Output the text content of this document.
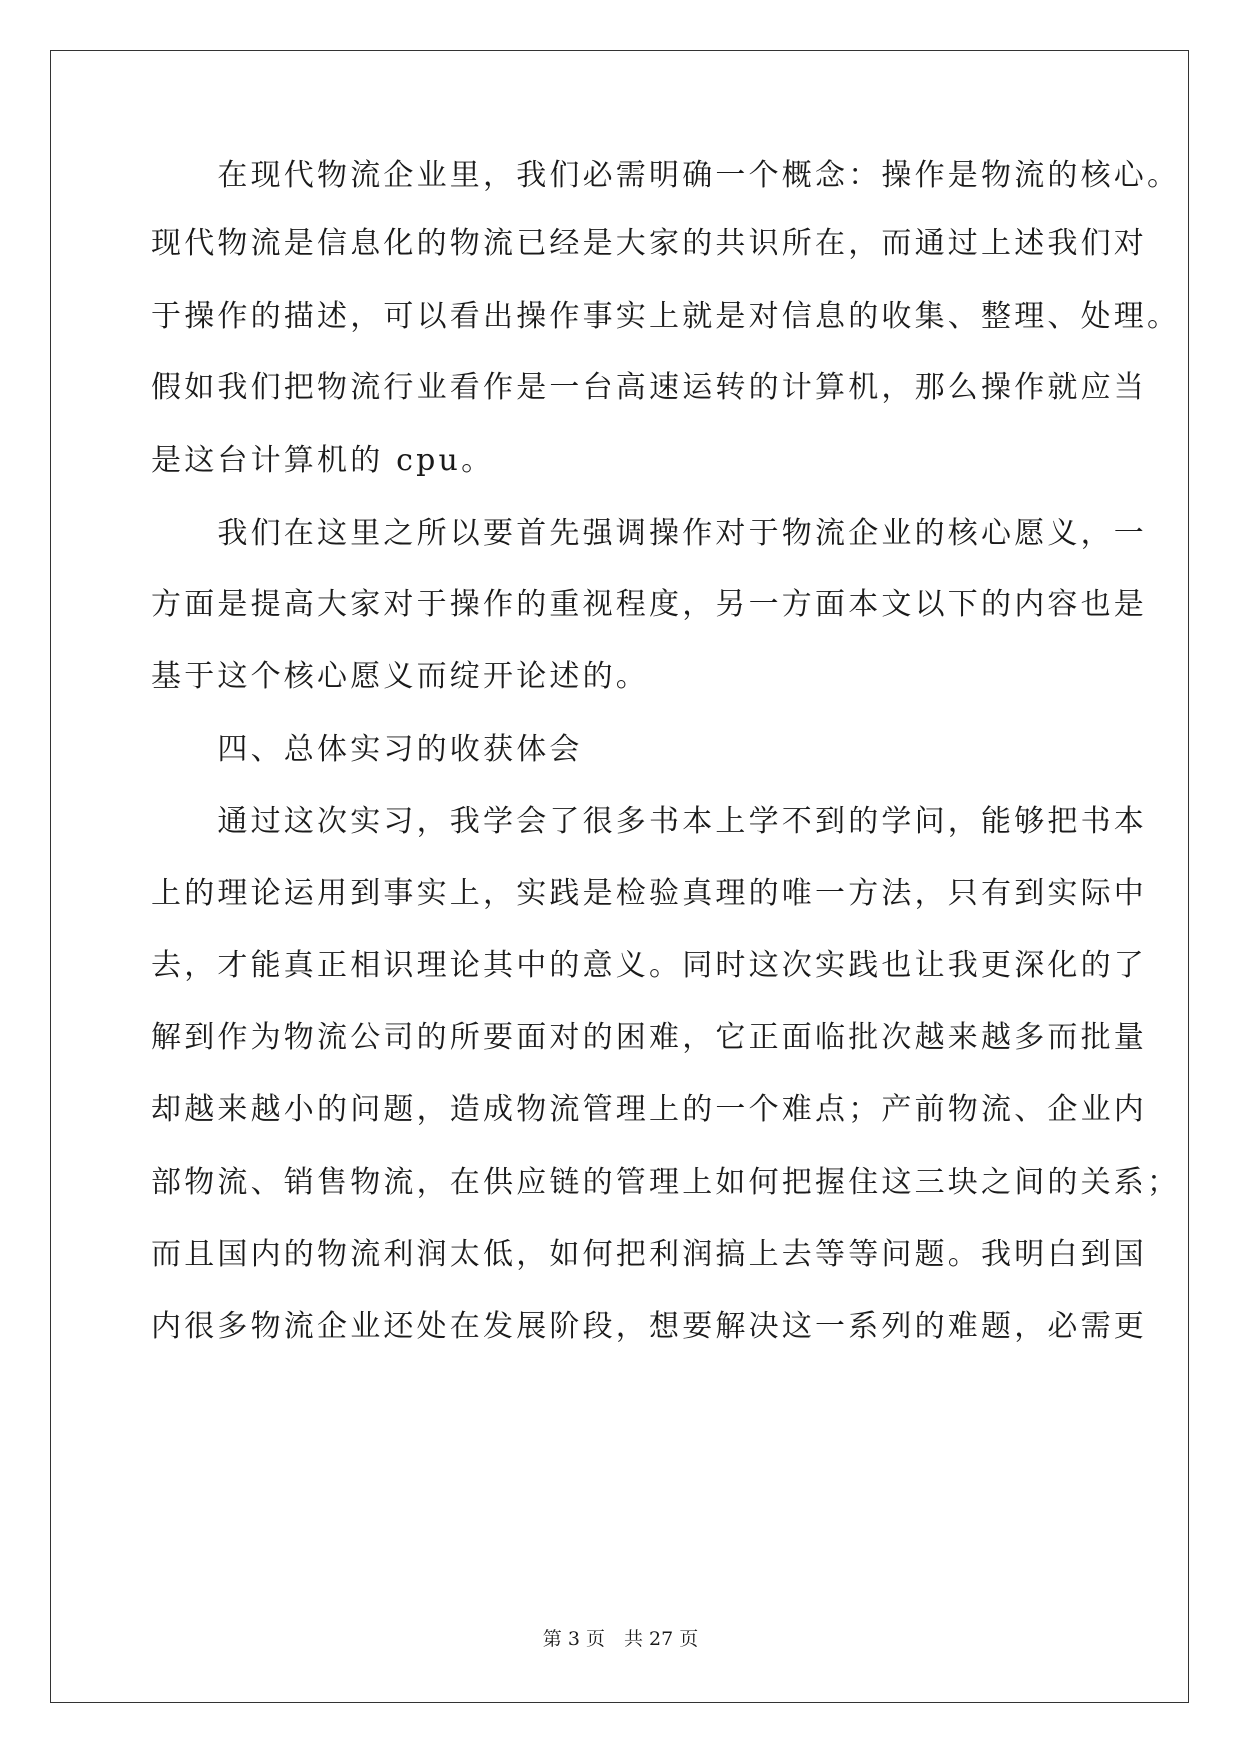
　　在现代物流企业里，我们必需明确一个概念：操作是物流的核心。
现代物流是信息化的物流已经是大家的共识所在，而通过上述我们对
于操作的描述，可以看出操作事实上就是对信息的收集、整理、处理。
假如我们把物流行业看作是一台高速运转的计算机，那么操作就应当
是这台计算机的 cpu。
　　我们在这里之所以要首先强调操作对于物流企业的核心愿义，一
方面是提高大家对于操作的重视程度，另一方面本文以下的内容也是
基于这个核心愿义而绽开论述的。
　　四、总体实习的收获体会
　　通过这次实习，我学会了很多书本上学不到的学问，能够把书本
上的理论运用到事实上，实践是检验真理的唯一方法，只有到实际中
去，才能真正相识理论其中的意义。同时这次实践也让我更深化的了
解到作为物流公司的所要面对的困难，它正面临批次越来越多而批量
却越来越小的问题，造成物流管理上的一个难点；产前物流、企业内
部物流、销售物流，在供应链的管理上如何把握住这三块之间的关系；
而且国内的物流利润太低，如何把利润搞上去等等问题。我明白到国
内很多物流企业还处在发展阶段，想要解决这一系列的难题，必需更
第 3 页　共 27 页
